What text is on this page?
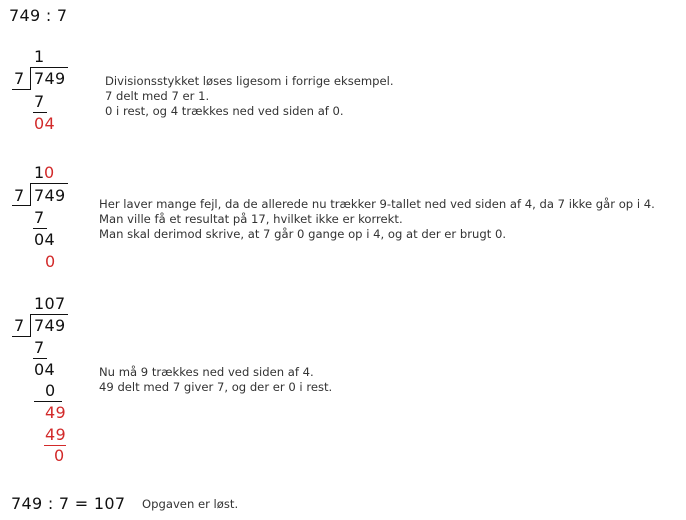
749 : 7
1
7 749
7
04
Divisionsstykket løses ligesom i forrige eksempel.
7 delt med 7 er 1.
0 i rest, og 4 trækkes ned ved siden af 0.
1 0
7 749
7
04
0
Her laver mange fejl, da de allerede nu trækker 9-tallet ned ved siden af 4, da 7 ikke går op i 4.
Man ville få et resultat på 17, hvilket ikke er korrekt.
Man skal derimod skrive, at 7 går 0 gange op i 4, og at der er brugt 0.
107
7 749
7
04
0
49
49
0
Nu må 9 trækkes ned ved siden af 4.
49 delt med 7 giver 7, og der er 0 i rest.
749 : 7 = 107 Opgaven er løst.
